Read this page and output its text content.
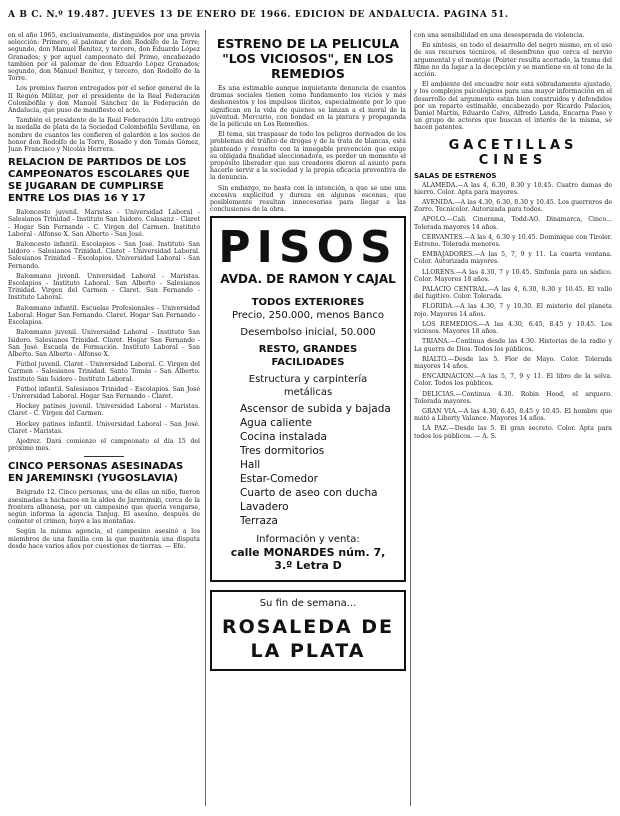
A B C. N.º 19.487. JUEVES 13 DE ENERO DE 1966. EDICION DE ANDALUCIA. PAGINA 51.

en el año 1965, exclusivamente, distinguidos por una previa selección: Primero, el palomar de don Rodolfo de la Torre; segundo, don Manuel Benítez, y tercero, don Eduardo López Granados; y por aquel campeonato del Primo, encabezado también por el palomar de don Eduardo López Granados; segundo, don Manuel Benítez, y tercero, don Rodolfo de la Torre.

Los premios fueron entregados por el señor general de la II Región Militar, por el presidente de la Real Federación Colombófila y don Manuel Sánchez de la Federación de Andalucía, que puso de manifiesto el acto.

También el presidente de la Real Federación Lito entregó la medalla de plata de la Sociedad Colombófila Sevillana, en nombre de cuantos les confieren el galardón a los socios de honor don Rodolfo de la Torre, Rosado y don Tomás Gómez, Juan Francisco y Nicolás Herrera.

RELACION DE PARTIDOS DE LOS CAMPEONATOS ESCOLARES QUE SE JUGARAN DE CUMPLIRSE ENTRE LOS DIAS 16 Y 17

Baloncesto juvenil. Maristas - Universidad Laboral - Salesianos Trinidad - Instituto San Isidoro. Calasanz - Claret - Hogar San Fernando - C. Virgen del Carmen. Instituto Laboral - Alfonso X. San Alberto - San José.

Baloncesto infantil. Escolapios - San José. Instituto San Isidoro - Salesianos Trinidad. Claret - Universidad Laboral. Salesianos Trinidad - Escolapios. Universidad Laboral - San Fernando.

Balonmano juvenil. Universidad Laboral - Maristas. Escolapios - Instituto Laboral. San Alberto - Salesianos Trinidad. Virgen del Carmen - Claret. San Fernando - Instituto Laboral.

Balonmano infantil. Escuelas Profesionales - Universidad Laboral. Hogar San Fernando. Claret. Hogar San Fernando - Escolapios.

Balonmano juvenil. Universidad Laboral - Instituto San Isidoro. Salesianos Trinidad. Claret. Hogar San Fernando - San José. Escuela de Formación. Instituto Laboral - San Alberto. San Alberto - Alfonso X.

Fútbol juvenil. Claret - Universidad Laboral. C. Virgen del Carmen - Salesianos Trinidad. Santo Tomás - San Alberto. Instituto San Isidoro - Instituto Laboral.

Fútbol infantil. Salesianos Trinidad - Escolapios. San José - Universidad Laboral. Hogar San Fernando - Claret.

Hockey patines juvenil. Universidad Laboral - Maristas. Claret - C. Virgen del Carmen.

Hockey patines infantil. Universidad Laboral - San José. Claret - Maristas.

Ajedrez. Dará comienzo el campeonato el día 15 del próximo mes.

CINCO PERSONAS ASESINADAS EN JAREMINSKI (YUGOSLAVIA)

Belgrado 12. Cinco personas, una de ellas un niño, fueron asesinadas a hachazos en la aldea de Jareminski, cerca de la frontera albanesa, por un campesino que quería vengarse, según informa la agencia Tanjug. El asesino, después de cometer el crimen, huyó a las montañas.

Según la misma agencia, el campesino asesinó a los miembros de una familia con la que mantenía una disputa desde hace varios años por cuestiones de tierras. — Efe.

ESTRENO DE LA PELICULA "LOS VICIOSOS", EN LOS REMEDIOS

Es una estimable aunque inquietante denuncia de cuantos dramas sociales tienen como fundamento los vicios y más deshonestos y los impulsos ilícitos, especialmente por lo que significan en la vida de quienes se lanzan a el moral de la juventud. Mercurio, con bondad en la pintura y propaganda de la película en Los Remedios.

El tema, sin traspasar de todo los peligros derivados de los problemas del tráfico de drogas y de la trata de blancas, está planteado y resuelto con la innegable prevención que exige su obligada finalidad aleccionadora, es perder un momento el propósito liberador que sus creadores dieron al asunto para hacerle servir a la sociedad y la propia eficacia preventiva de la denuncia.

Sin embargo, no basta con la intención, a que se une una excesiva explicitud y dureza en algunas escenas, que posiblemente resultan innecesarias para llegar a las conclusiones de la obra.

PISOS
AVDA. DE RAMON Y CAJAL
TODOS EXTERIORES
Precio, 250.000, menos Banco
Desembolso inicial, 50.000
RESTO, GRANDES
FACILIDADES
Estructura y carpintería
metálicas
Ascensor de subida y bajada
Agua caliente
Cocina instalada
Tres dormitorios
Hall
Estar-Comedor
Cuarto de aseo con ducha
Lavadero
Terraza
Información y venta:
calle MONARDES núm. 7,
3.º Letra D
Su fin de semana...
ROSALEDA DE
LA PLATA

con una sensibilidad en una desesperada de violencia.

En síntesis, en todo el desarrollo del negro mismo, en el uso de sus recursos técnicos, el desenfreno que cerca el nervio argumental y el montaje (Poirier resulta acertado, la trama del filme no da lugar a la decepción y se mantiene en el tono de la acción.

El ambiente del encuadre noir está sobradamente ajustado, y los complejos psicológicos para una mayor información en el desarrollo del argumento están bien construidos y defendidos por un reparto estimable, encabezado por Ricardo Palacios, Daniel Martín, Eduardo Calvo, Alfredo Landa, Encarna Paso y un grupo de actores que buscan el interés de la misma, se hacen patentes.

GACETILLAS
CINES
SALAS DE ESTRENOS

ALAMEDA.—A las 4, 6.30, 8.30 y 10.45. Cuatro damas de hierro. Color. Apta para mayores.

AVENIDA.—A las 4.30, 6.30, 8.30 y 10.45. Los guerreros de Zorro. Tecnicolor. Autorizada para todos.

APOLO.—Cali. Cinerama, Todd-AO. Dinamarca, Cinco... Tolerada mayores 14 años.

CERVANTES.—A las 4, 6.30 y 10.45. Dominique con Tiroler. Estreno. Tolerada menores.

EMBAJADORES.—A las 5, 7, 9 y 11. La cuarta ventana. Color. Autorizada mayores.

LLORENS.—A las 4.30, 7 y 10.45. Sinfonía para un sádico. Color. Mayores 18 años.

PALACIO CENTRAL.—A las 4, 6.30, 8.30 y 10.45. El valle del fugitivo. Color. Tolerada.

FLORIDA.—A las 4.30, 7 y 10.30. El misterio del planeta rojo. Mayores 14 años.

LOS REMEDIOS.—A las 4.30, 6.45, 8.45 y 10.45. Los viciosos. Mayores 18 años.

TRIANA.—Continua desde las 4.30. Historias de la radio y La guerra de Dios. Todos los públicos.

RIALTO.—Desde las 5. Flor de Mayo. Color. Tolerada mayores 14 años.

ENCARNACION.—A las 5, 7, 9 y 11. El libro de la selva. Color. Todos los públicos.

DELICIAS.—Continua 4.30. Robin Hood, el arquero. Tolerada mayores.

GRAN VIA.—A las 4.30, 6.45, 8.45 y 10.45. El hombre que mató a Liberty Valance. Mayores 14 años.

LA PAZ.—Desde las 5. El gran secreto. Color. Apta para todos los públicos. — A. S.
